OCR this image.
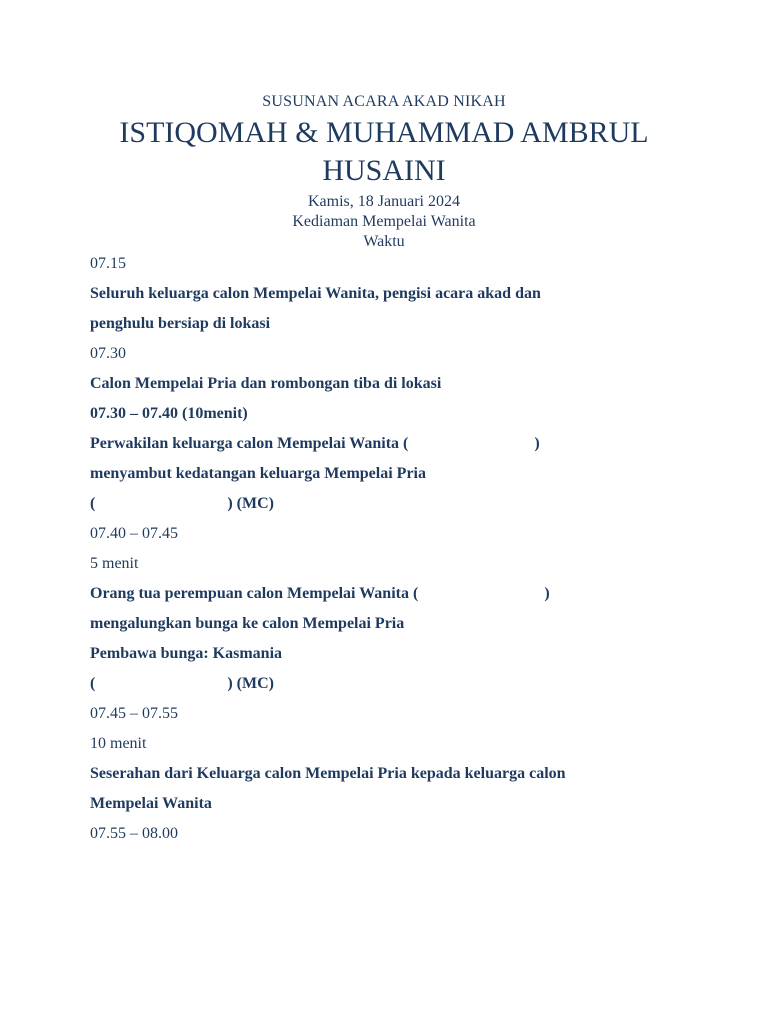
SUSUNAN ACARA AKAD NIKAH
ISTIQOMAH & MUHAMMAD AMBRUL HUSAINI
Kamis, 18 Januari 2024
Kediaman Mempelai Wanita
Waktu
07.15
Seluruh keluarga calon Mempelai Wanita, pengisi acara akad dan
penghulu bersiap di lokasi
07.30
Calon Mempelai Pria dan rombongan tiba di lokasi
07.30 – 07.40 (10menit)
Perwakilan keluarga calon Mempelai Wanita (	)
menyambut kedatangan keluarga Mempelai Pria
(	) (MC)
07.40 – 07.45
5 menit
Orang tua perempuan calon Mempelai Wanita (	)
mengalungkan bunga ke calon Mempelai Pria
Pembawa bunga: Kasmania
(	) (MC)
07.45 – 07.55
10 menit
Seserahan dari Keluarga calon Mempelai Pria kepada keluarga calon
Mempelai Wanita
07.55 – 08.00
